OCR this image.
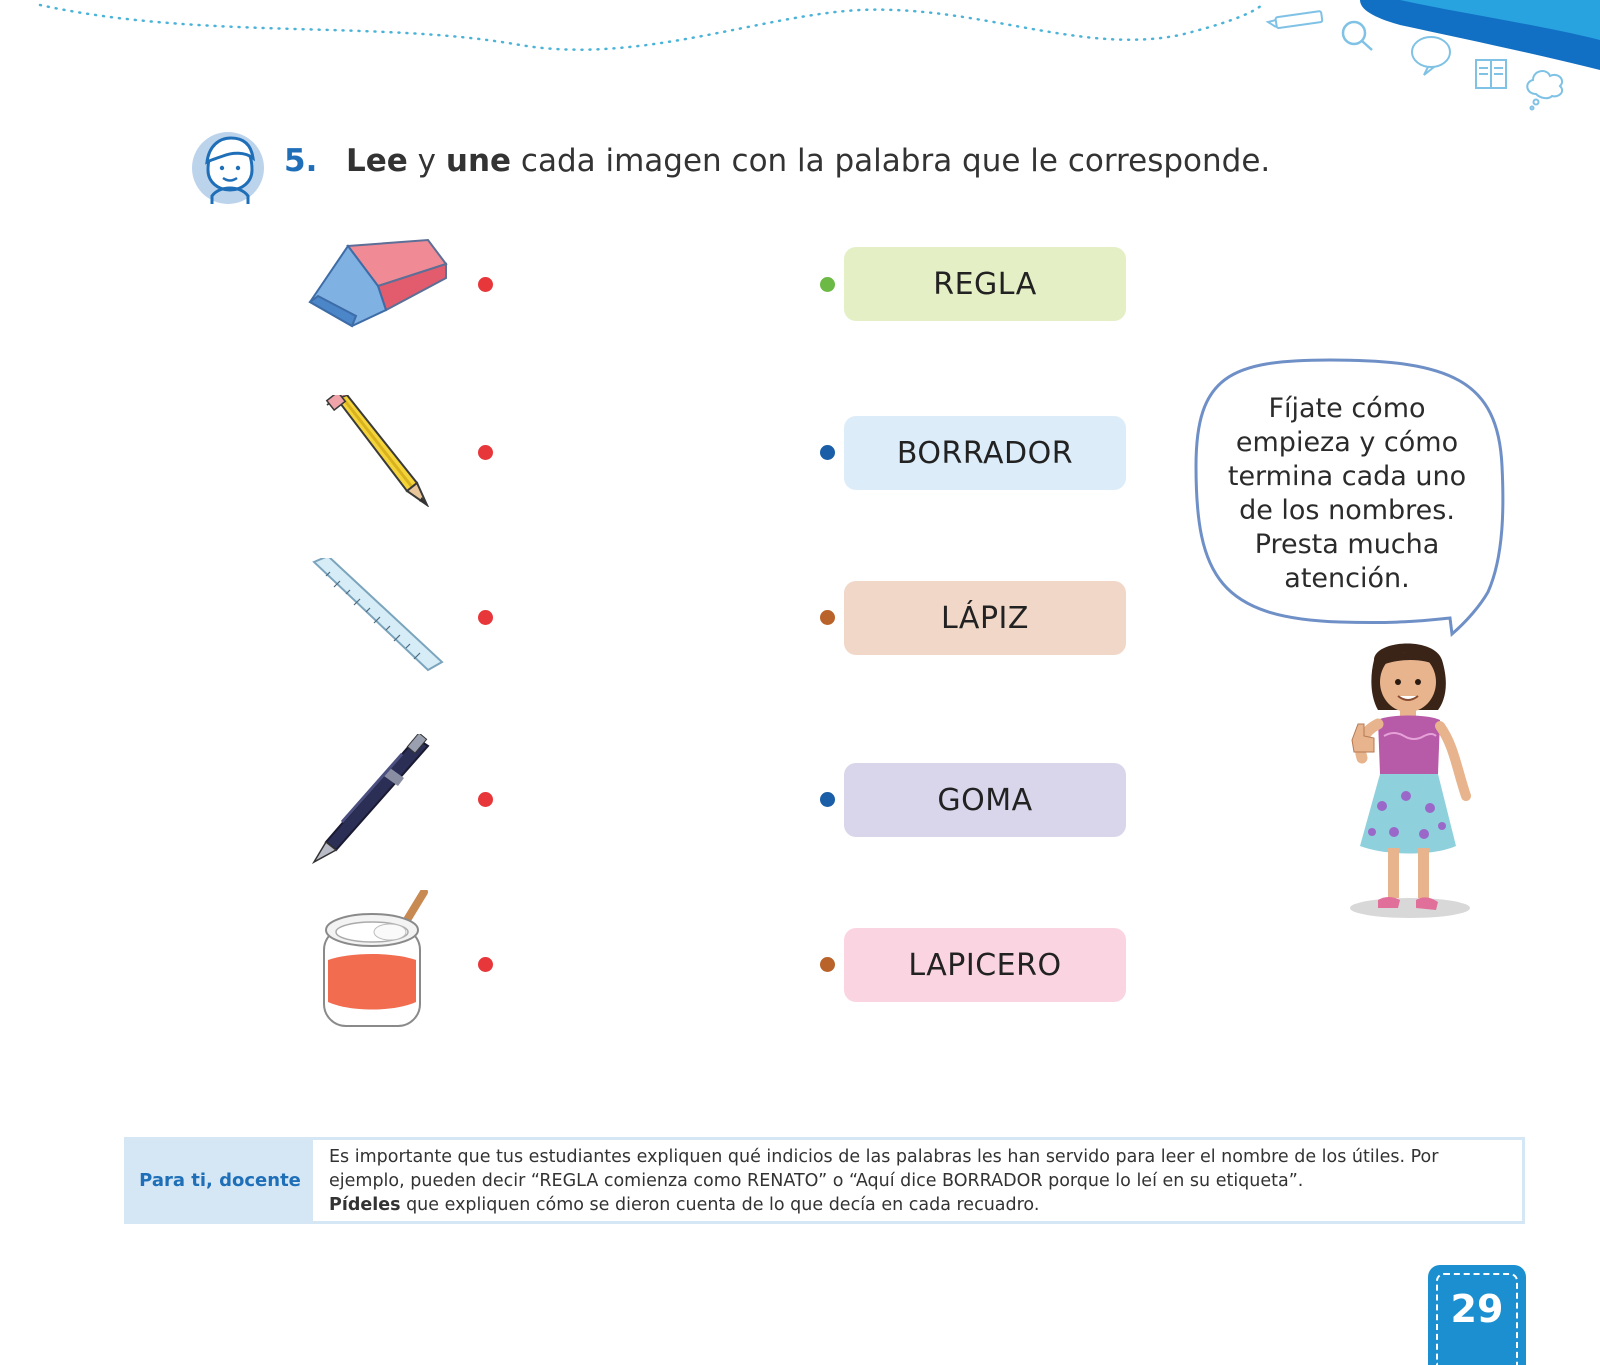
5. Lee y une cada imagen con la palabra que le corresponde.
REGLA
BORRADOR
LÁPIZ
GOMA
LAPICERO
Fíjate cómo
empieza y cómo
termina cada uno
de los nombres.
Presta mucha
atención.
Para ti, docente
Es importante que tus estudiantes expliquen qué indicios de las palabras les han servido para leer el nombre de los útiles. Por
ejemplo, pueden decir “REGLA comienza como RENATO” o “Aquí dice BORRADOR porque lo leí en su etiqueta”.
Pídeles que expliquen cómo se dieron cuenta de lo que decía en cada recuadro.
29
